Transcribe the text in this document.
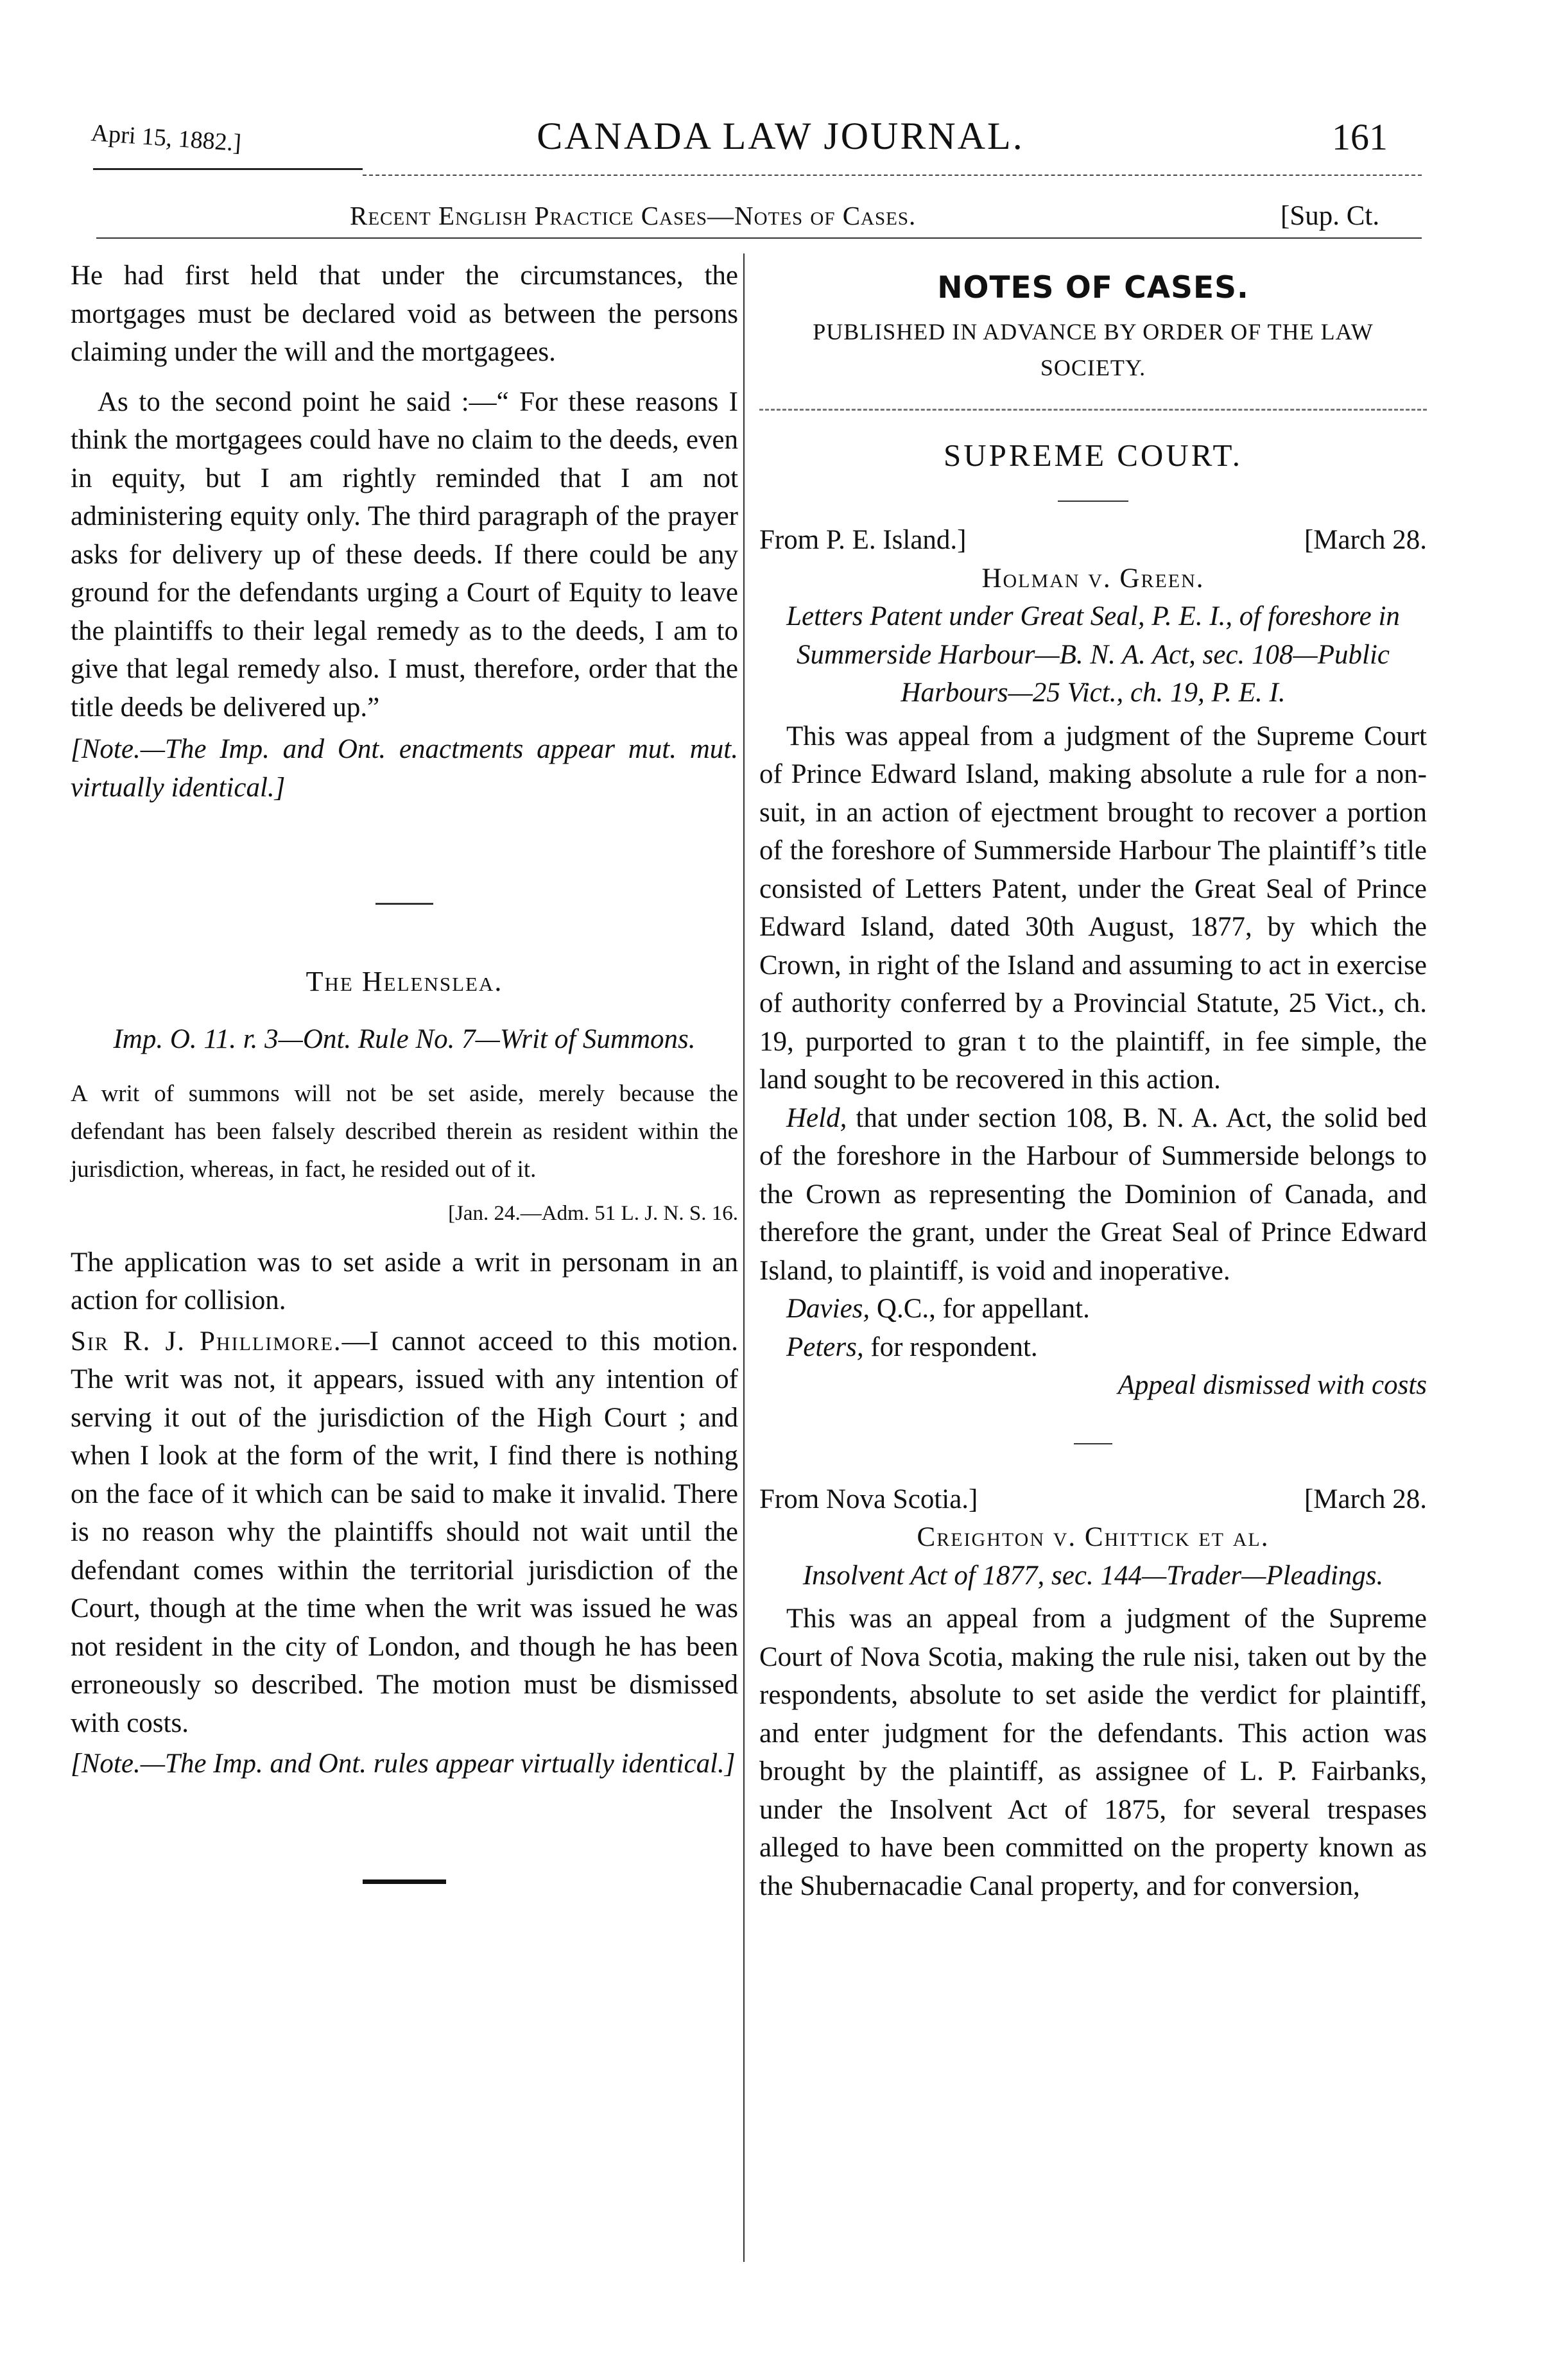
Apri 15, 1882.]	CANADA LAW JOURNAL.	161
Recent English Practice Cases—Notes of Cases.	[Sup. Ct.

He had first held that under the circumstances, the mortgages must be declared void as between the persons claiming under the will and the mortgagees.

As to the second point he said :—“ For these reasons I think the mortgagees could have no claim to the deeds, even in equity, but I am rightly reminded that I am not administering equity only. The third paragraph of the prayer asks for delivery up of these deeds. If there could be any ground for the defendants urging a Court of Equity to leave the plaintiffs to their legal remedy as to the deeds, I am to give that legal remedy also. I must, therefore, order that the title deeds be delivered up.”

[Note.—The Imp. and Ont. enactments appear mut. mut. virtually identical.]

The Helenslea.
Imp. O. 11. r. 3—Ont. Rule No. 7—Writ of Summons.

A writ of summons will not be set aside, merely because the defendant has been falsely described therein as resident within the jurisdiction, whereas, in fact, he resided out of it.

[Jan. 24.—Adm. 51 L. J. N. S. 16.

The application was to set aside a writ in personam in an action for collision.

Sir R. J. Phillimore.—I cannot acceed to this motion. The writ was not, it appears, issued with any intention of serving it out of the jurisdiction of the High Court ; and when I look at the form of the writ, I find there is nothing on the face of it which can be said to make it invalid. There is no reason why the plaintiffs should not wait until the defendant comes within the territorial jurisdiction of the Court, though at the time when the writ was issued he was not resident in the city of London, and though he has been erroneously so described. The motion must be dismissed with costs.

[Note.—The Imp. and Ont. rules appear virtually identical.]

NOTES OF CASES.
PUBLISHED IN ADVANCE BY ORDER OF THE LAW SOCIETY.
SUPREME COURT.
From P. E. Island.]	[March 28.
Holman v. Green.
Letters Patent under Great Seal, P. E. I., of foreshore in Summerside Harbour—B. N. A. Act, sec. 108—Public Harbours—25 Vict., ch. 19, P. E. I.

This was appeal from a judgment of the Supreme Court of Prince Edward Island, making absolute a rule for a non-suit, in an action of ejectment brought to recover a portion of the foreshore of Summerside Harbour The plaintiff’s title consisted of Letters Patent, under the Great Seal of Prince Edward Island, dated 30th August, 1877, by which the Crown, in right of the Island and assuming to act in exercise of authority conferred by a Provincial Statute, 25 Vict., ch. 19, purported to gran t to the plaintiff, in fee simple, the land sought to be recovered in this action.

Held, that under section 108, B. N. A. Act, the solid bed of the foreshore in the Harbour of Summerside belongs to the Crown as representing the Dominion of Canada, and therefore the grant, under the Great Seal of Prince Edward Island, to plaintiff, is void and inoperative.

Davies, Q.C., for appellant.

Peters, for respondent.

Appeal dismissed with costs
From Nova Scotia.]	[March 28.
Creighton v. Chittick et al.
Insolvent Act of 1877, sec. 144—Trader—Pleadings.

This was an appeal from a judgment of the Supreme Court of Nova Scotia, making the rule nisi, taken out by the respondents, absolute to set aside the verdict for plaintiff, and enter judgment for the defendants. This action was brought by the plaintiff, as assignee of L. P. Fairbanks, under the Insolvent Act of 1875, for several trespases alleged to have been committed on the property known as the Shubernacadie Canal property, and for conversion,
